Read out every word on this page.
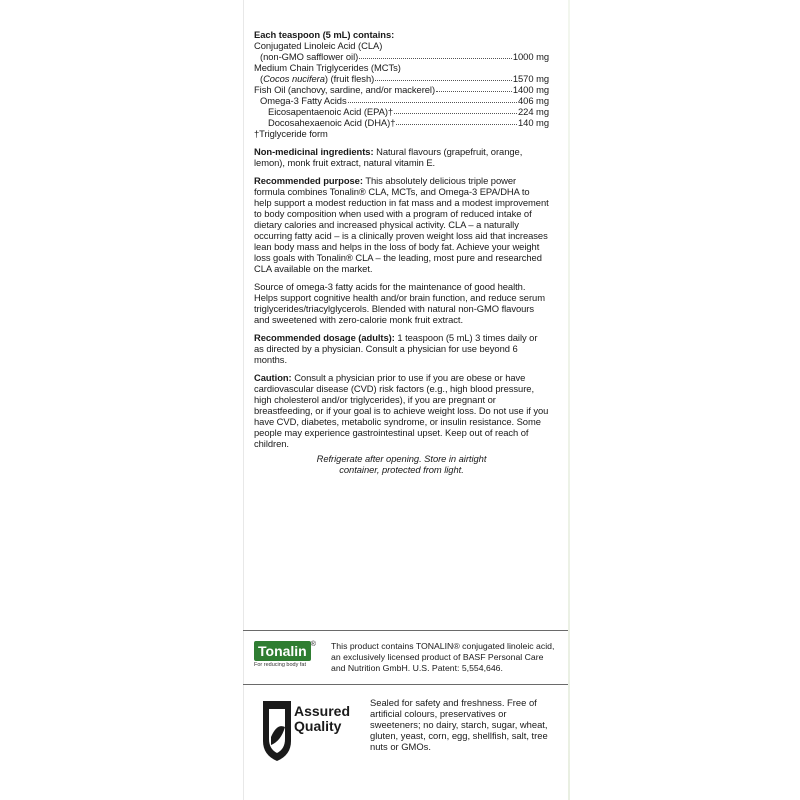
Each teaspoon (5 mL) contains:
Conjugated Linoleic Acid (CLA)
(non-GMO safflower oil)	1000 mg
Medium Chain Triglycerides (MCTs)
(Cocos nucifera) (fruit flesh)	1570 mg
Fish Oil (anchovy, sardine, and/or mackerel)	1400 mg
Omega-3 Fatty Acids	406 mg
Eicosapentaenoic Acid (EPA)†	224 mg
Docosahexaenoic Acid (DHA)†	140 mg
†Triglyceride form

Non-medicinal ingredients: Natural flavours (grapefruit, orange, lemon), monk fruit extract, natural vitamin E.

Recommended purpose: This absolutely delicious triple power formula combines Tonalin® CLA, MCTs, and Omega-3 EPA/DHA to help support a modest reduction in fat mass and a modest improvement to body composition when used with a program of reduced intake of dietary calories and increased physical activity. CLA – a naturally occurring fatty acid – is a clinically proven weight loss aid that increases lean body mass and helps in the loss of body fat. Achieve your weight loss goals with Tonalin® CLA – the leading, most pure and researched CLA available on the market.

Source of omega-3 fatty acids for the maintenance of good health. Helps support cognitive health and/or brain function, and reduce serum triglycerides/triacylglycerols. Blended with natural non-GMO flavours and sweetened with zero-calorie monk fruit extract.

Recommended dosage (adults): 1 teaspoon (5 mL) 3 times daily or as directed by a physician. Consult a physician for use beyond 6 months.

Caution: Consult a physician prior to use if you are obese or have cardiovascular disease (CVD) risk factors (e.g., high blood pressure, high cholesterol and/or triglycerides), if you are pregnant or breastfeeding, or if your goal is to achieve weight loss. Do not use if you have CVD, diabetes, metabolic syndrome, or insulin resistance. Some people may experience gastrointestinal upset. Keep out of reach of children.

Refrigerate after opening. Store in airtight
container, protected from light.
Tonalin ®
For reducing body fat
This product contains TONALIN® conjugated linoleic acid, an exclusively licensed product of BASF Personal Care and Nutrition GmbH. U.S. Patent: 5,554,646.
Assured
Quality
Sealed for safety and freshness. Free of artificial colours, preservatives or sweeteners; no dairy, starch, sugar, wheat, gluten, yeast, corn, egg, shellfish, salt, tree nuts or GMOs.
